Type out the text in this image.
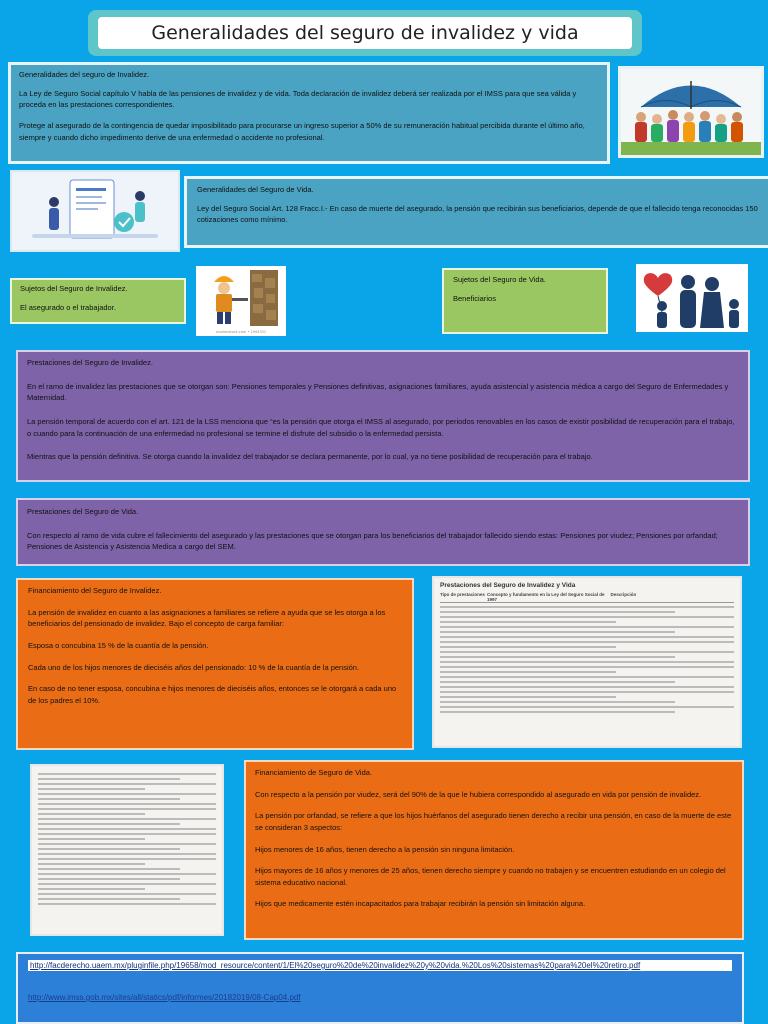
Generalidades del seguro de invalidez y vida

Generalidades del seguro de Invalidez.

La Ley de Seguro Social capítulo V habla de las pensiones de invalidez y de vida. Toda declaración de invalidez deberá ser realizada por el IMSS para que sea válida y proceda en las prestaciones correspondientes.

Protege al asegurado de la contingencia de quedar imposibilitado para procurarse un ingreso superior a 50% de su remuneración habitual percibida durante el último año, siempre y cuando dicho impedimento derive de una enfermedad o accidente no profesional.

Generalidades del Seguro de Vida.

Ley del Seguro Social Art. 128 Fracc.I.- En caso de muerte del asegurado, la pensión que recibirán sus beneficiarios, depende de que el fallecido tenga reconocidas 150 cotizaciones como mínimo.

Sujetos del Seguro de Invalidez.

El asegurado o el trabajador.

shutterstock.com • 1994321

Sujetos del Seguro de Vida.

Beneficiarios

Prestaciones del Seguro de Invalidez.

En el ramo de invalidez las prestaciones que se otorgan son: Pensiones temporales y Pensiones definitivas, asignaciones familiares, ayuda asistencial y asistencia médica a cargo del Seguro de Enfermedades y Maternidad.

La pensión temporal de acuerdo con el art. 121 de la LSS menciona que “es la pensión que otorga el IMSS al asegurado, por periodos renovables en los casos de existir posibilidad de recuperación para el trabajo, o cuando para la continuación de una enfermedad no profesional se termine el disfrute del subsidio o la enfermedad persista.

Mientras que la pensión definitiva. Se otorga cuando la invalidez del trabajador se declara permanente, por lo cual, ya no tiene posibilidad de recuperación para el trabajo.

Prestaciones del Seguro de Vida.

Con respecto al ramo de vida cubre el fallecimiento del asegurado y las prestaciones que se otorgan para los beneficiarios del trabajador fallecido siendo estas: Pensiones por viudez; Pensiones por orfandad; Pensiones de Asistencia y Asistencia Medica a cargo del SEM.

Financiamiento del Seguro de Invalidez.

La pensión de invalidez en cuanto a las asignaciones a familiares se refiere a ayuda que se les otorga a los beneficiarios del pensionado de invalidez. Bajo el concepto de carga familiar:

Esposa o concubina 15 % de la cuantía de la pensión.

Cada uno de los hijos menores de dieciséis años del pensionado: 10 % de la cuantía de la pensión.

En caso de no tener esposa, concubina e hijos menores de dieciséis años, entonces se le otorgará a cada uno de los padres el 10%.

Prestaciones del Seguro de Invalidez y Vida
Tipo de prestaciones Concepto y fundamento en la Ley del Seguro Social de 1997
Descripción

Financiamiento de Seguro de Vida.

Con respecto a la pensión por viudez, será del 90% de la que le hubiera correspondido al asegurado en vida por pensión de invalidez.

La pensión por orfandad, se refiere a que los hijos huérfanos del asegurado tienen derecho a recibir una pensión, en caso de la muerte de este se consideran 3 aspectos:

Hijos menores de 16 años, tienen derecho a la pensión sin ninguna limitación.

Hijos mayores de 16 años y menores de 25 años, tienen derecho siempre y cuando no trabajen y se encuentren estudiando en un colegio del sistema educativo nacional.

Hijos que medicamente estén incapacitados para trabajar recibirán la pensión sin limitación alguna.

http://facderecho.uaem.mx/pluginfile.php/19658/mod_resource/content/1/El%20seguro%20de%20invalidez%20y%20vida.%20Los%20sistemas%20para%20el%20retiro.pdf
http://www.imss.gob.mx/sites/all/statics/pdf/informes/20182019/08-Cap04.pdf
